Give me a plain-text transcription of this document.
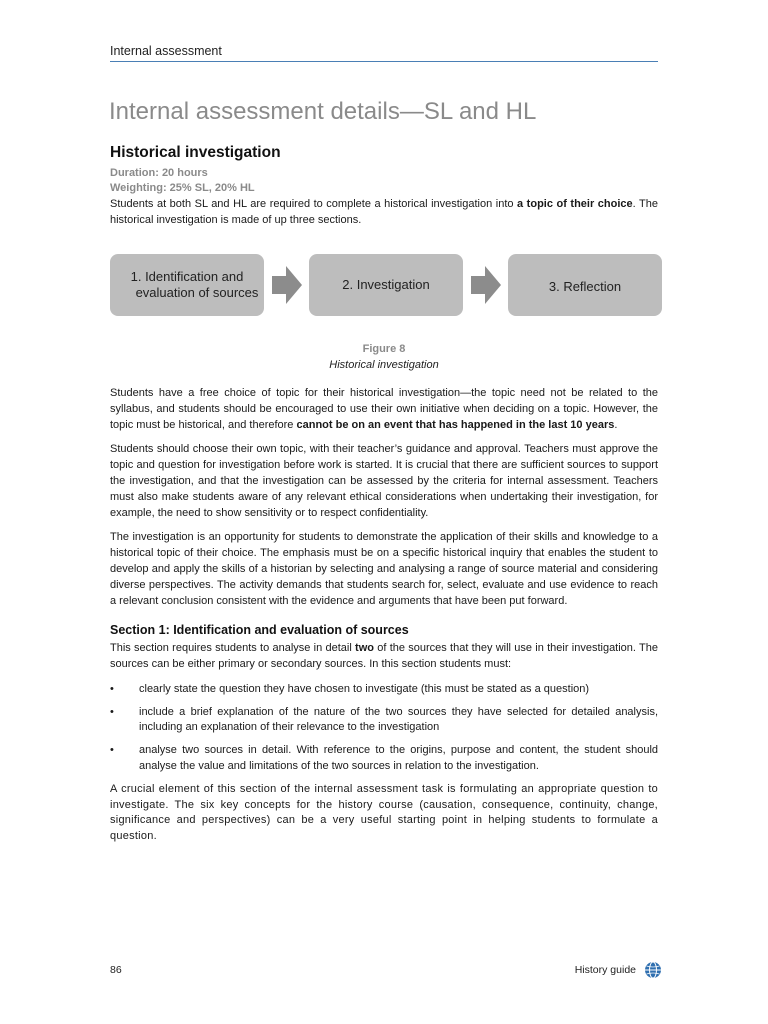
Internal assessment
Internal assessment details—SL and HL
Historical investigation
Duration: 20 hours
Weighting: 25% SL, 20% HL

Students at both SL and HL are required to complete a historical investigation into a topic of their choice. The historical investigation is made of up three sections.

1. Identification and
evaluation of sources
2. Investigation	3. Reflection
Figure 8
Historical investigation

Students have a free choice of topic for their historical investigation—the topic need not be related to the syllabus, and students should be encouraged to use their own initiative when deciding on a topic. However, the topic must be historical, and therefore cannot be on an event that has happened in the last 10 years.

Students should choose their own topic, with their teacher’s guidance and approval. Teachers must approve the topic and question for investigation before work is started. It is crucial that there are sufficient sources to support the investigation, and that the investigation can be assessed by the criteria for internal assessment. Teachers must also make students aware of any relevant ethical considerations when undertaking their investigation, for example, the need to show sensitivity or to respect confidentiality.

The investigation is an opportunity for students to demonstrate the application of their skills and knowledge to a historical topic of their choice. The emphasis must be on a specific historical inquiry that enables the student to develop and apply the skills of a historian by selecting and analysing a range of source material and considering diverse perspectives. The activity demands that students search for, select, evaluate and use evidence to reach a relevant conclusion consistent with the evidence and arguments that have been put forward.

Section 1: Identification and evaluation of sources

This section requires students to analyse in detail two of the sources that they will use in their investigation. The sources can be either primary or secondary sources. In this section students must:

• clearly state the question they have chosen to investigate (this must be stated as a question)
• include a brief explanation of the nature of the two sources they have selected for detailed analysis, including an explanation of their relevance to the investigation
• analyse two sources in detail. With reference to the origins, purpose and content, the student should analyse the value and limitations of the two sources in relation to the investigation.

A crucial element of this section of the internal assessment task is formulating an appropriate question to investigate. The six key concepts for the history course (causation, consequence, continuity, change, significance and perspectives) can be a very useful starting point in helping students to formulate a question.

86	History guide
